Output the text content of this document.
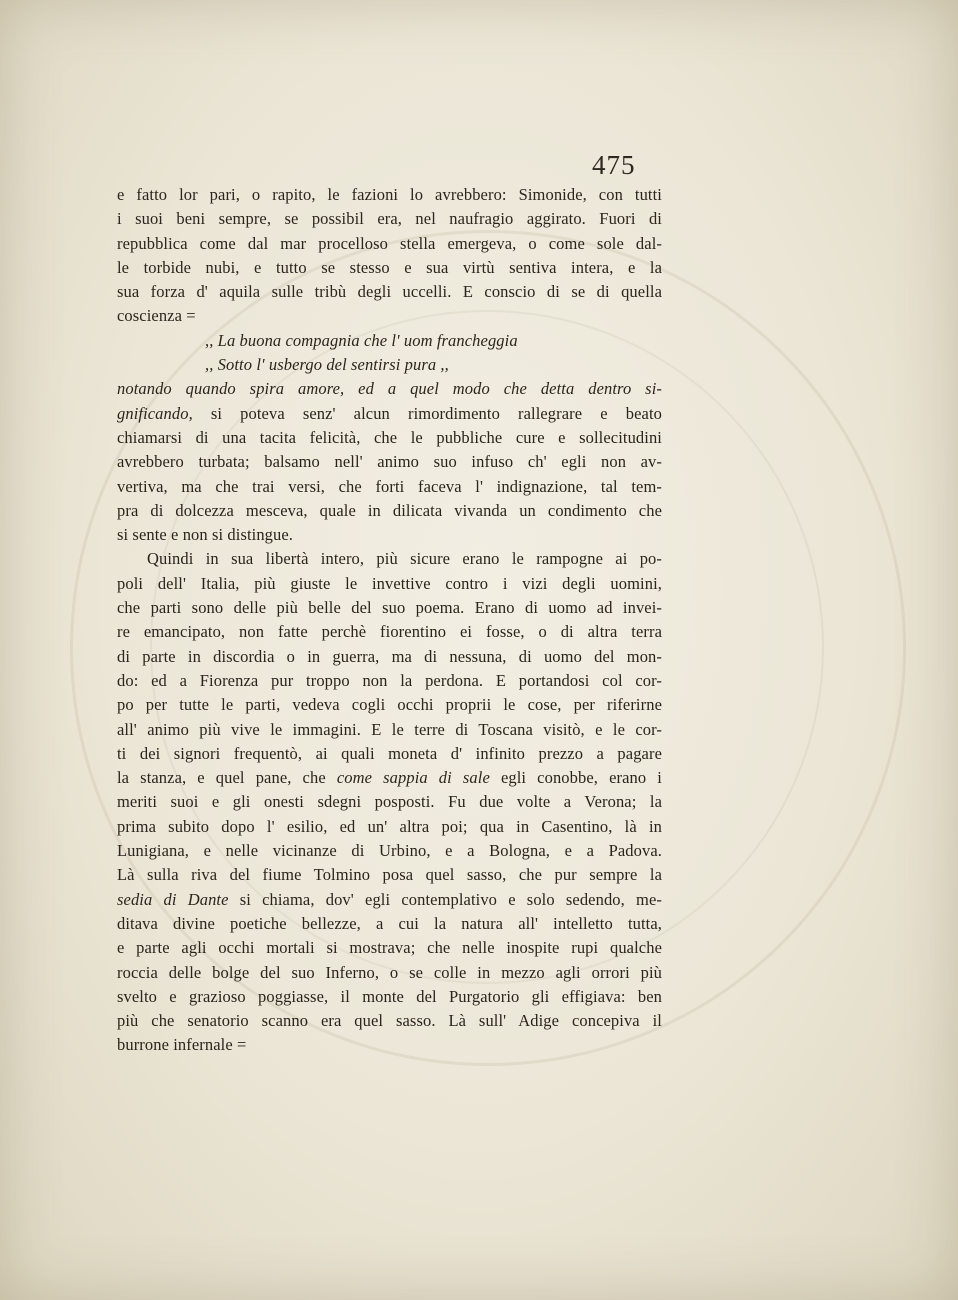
475
e fatto lor pari, o rapito, le fazioni lo avrebbero: Simonide, con tutti
i suoi beni sempre, se possibil era, nel naufragio aggirato. Fuori di
repubblica come dal mar procelloso stella emergeva, o come sole dal-
le torbide nubi, e tutto se stesso e sua virtù sentiva intera, e la
sua forza d' aquila sulle tribù degli uccelli. E conscio di se di quella
coscienza =
,, La buona compagnia che l' uom francheggia
,, Sotto l' usbergo del sentirsi pura ,,
notando quando spira amore, ed a quel modo che detta dentro si-
gnificando, si poteva senz' alcun rimordimento rallegrare e beato
chiamarsi di una tacita felicità, che le pubbliche cure e sollecitudini
avrebbero turbata; balsamo nell' animo suo infuso ch' egli non av-
vertiva, ma che trai versi, che forti faceva l' indignazione, tal tem-
pra di dolcezza mesceva, quale in dilicata vivanda un condimento che
si sente e non si distingue.
Quindi in sua libertà intero, più sicure erano le rampogne ai po-
poli dell' Italia, più giuste le invettive contro i vizi degli uomini,
che parti sono delle più belle del suo poema. Erano di uomo ad invei-
re emancipato, non fatte perchè fiorentino ei fosse, o di altra terra
di parte in discordia o in guerra, ma di nessuna, di uomo del mon-
do: ed a Fiorenza pur troppo non la perdona. E portandosi col cor-
po per tutte le parti, vedeva cogli occhi proprii le cose, per riferirne
all' animo più vive le immagini. E le terre di Toscana visitò, e le cor-
ti dei signori frequentò, ai quali moneta d' infinito prezzo a pagare
la stanza, e quel pane, che come sappia di sale egli conobbe, erano i
meriti suoi e gli onesti sdegni posposti. Fu due volte a Verona; la
prima subito dopo l' esilio, ed un' altra poi; qua in Casentino, là in
Lunigiana, e nelle vicinanze di Urbino, e a Bologna, e a Padova.
Là sulla riva del fiume Tolmino posa quel sasso, che pur sempre la
sedia di Dante si chiama, dov' egli contemplativo e solo sedendo, me-
ditava divine poetiche bellezze, a cui la natura all' intelletto tutta,
e parte agli occhi mortali si mostrava; che nelle inospite rupi qualche
roccia delle bolge del suo Inferno, o se colle in mezzo agli orrori più
svelto e grazioso poggiasse, il monte del Purgatorio gli effigiava: ben
più che senatorio scanno era quel sasso. Là sull' Adige concepiva il
burrone infernale =
